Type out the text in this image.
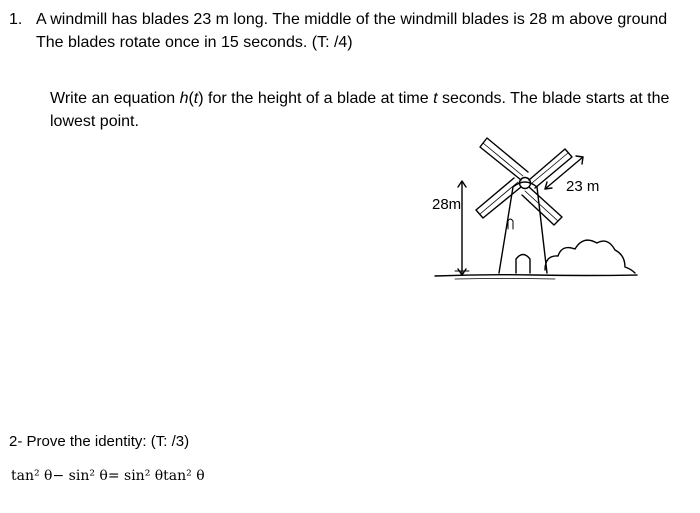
1. A windmill has blades 23 m long. The middle of the windmill blades is 28 m above ground
The blades rotate once in 15 seconds. (T: /4)
Write an equation h(t) for the height of a blade at time t seconds. The blade starts at the
lowest point.
28m
23 m
2- Prove the identity: (T: /3)
tan² θ− sin² θ= sin² θtan² θ
